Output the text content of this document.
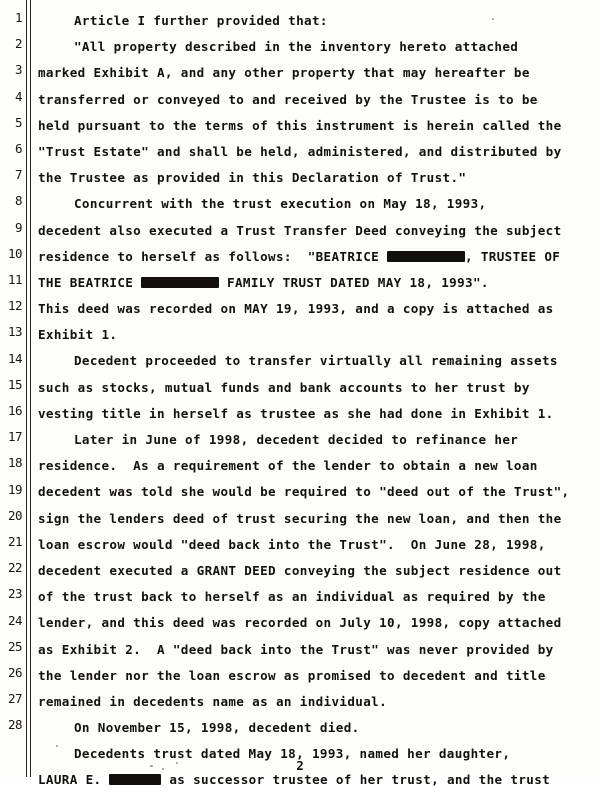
1
2
3
4
5
6
7
8
9
10
11
12
13
14
15
16
17
18
19
20
21
22
23
24
25
26
27
28
Article I further provided that:
"All property described in the inventory hereto attached
marked Exhibit A, and any other property that may hereafter be
transferred or conveyed to and received by the Trustee is to be
held pursuant to the terms of this instrument is herein called the
"Trust Estate" and shall be held, administered, and distributed by
the Trustee as provided in this Declaration of Trust."
Concurrent with the trust execution on May 18, 1993,
decedent also executed a Trust Transfer Deed conveying the subject
residence to herself as follows:  "BEATRICE	, TRUSTEE OF
THE BEATRICE	FAMILY TRUST DATED MAY 18, 1993".
This deed was recorded on MAY 19, 1993, and a copy is attached as
Exhibit 1.
Decedent proceeded to transfer virtually all remaining assets
such as stocks, mutual funds and bank accounts to her trust by
vesting title in herself as trustee as she had done in Exhibit 1.
Later in June of 1998, decedent decided to refinance her
residence.  As a requirement of the lender to obtain a new loan
decedent was told she would be required to "deed out of the Trust",
sign the lenders deed of trust securing the new loan, and then the
loan escrow would "deed back into the Trust".  On June 28, 1998,
decedent executed a GRANT DEED conveying the subject residence out
of the trust back to herself as an individual as required by the
lender, and this deed was recorded on July 10, 1998, copy attached
as Exhibit 2.  A "deed back into the Trust" was never provided by
the lender nor the loan escrow as promised to decedent and title
remained in decedents name as an individual.
On November 15, 1998, decedent died.
Decedents trust dated May 18, 1993, named her daughter,
LAURA E.	as successor trustee of her trust, and the trust
2
